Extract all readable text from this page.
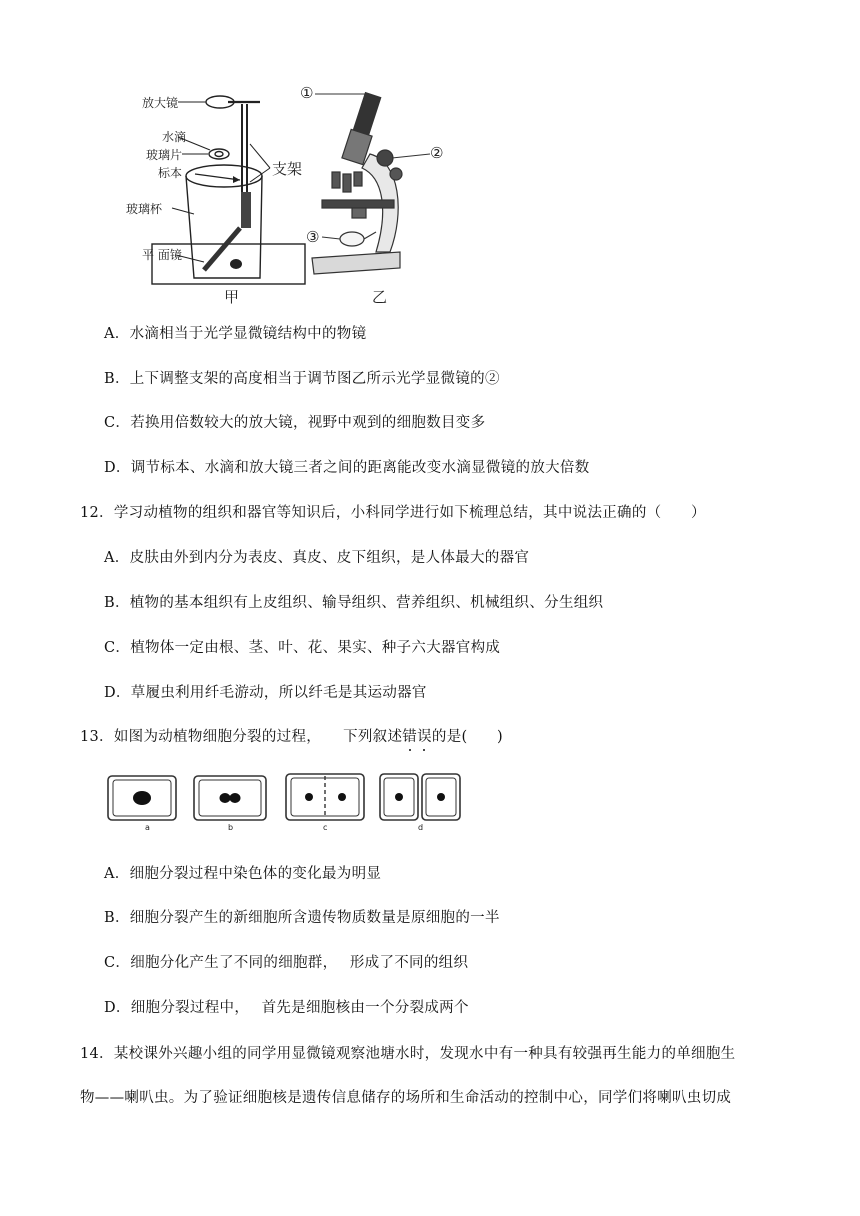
放大镜
水滴
玻璃片
标本
玻璃杯
平 面镜
支架
①
②
③
甲	乙
A．水滴相当于光学显微镜结构中的物镜
B．上下调整支架的高度相当于调节图乙所示光学显微镜的②
C．若换用倍数较大的放大镜，视野中观到的细胞数目变多
D．调节标本、水滴和放大镜三者之间的距离能改变水滴显微镜的放大倍数
12．学习动植物的组织和器官等知识后，小科同学进行如下梳理总结，其中说法正确的（　　）
A．皮肤由外到内分为表皮、真皮、皮下组织，是人体最大的器官
B．植物的基本组织有上皮组织、输导组织、营养组织、机械组织、分生组织
C．植物体一定由根、茎、叶、花、果实、种子六大器官构成
D．草履虫利用纤毛游动，所以纤毛是其运动器官
13．如图为动植物细胞分裂的过程， 下列叙述错误的是(　　)
a	b	c	d
A．细胞分裂过程中染色体的变化最为明显
B．细胞分裂产生的新细胞所含遗传物质数量是原细胞的一半
C．细胞分化产生了不同的细胞群，　 形成了不同的组织
D．细胞分裂过程中，　 首先是细胞核由一个分裂成两个
14．某校课外兴趣小组的同学用显微镜观察池塘水时，发现水中有一种具有较强再生能力的单细胞生
物——喇叭虫。为了验证细胞核是遗传信息储存的场所和生命活动的控制中心，同学们将喇叭虫切成
